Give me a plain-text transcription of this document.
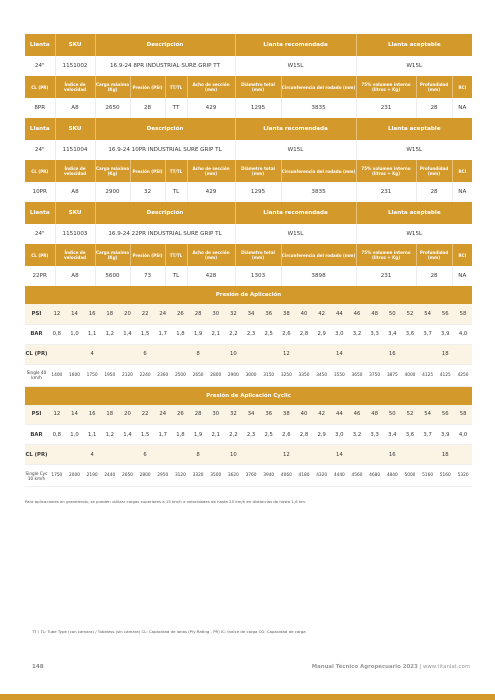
Llanta	SKU	Descripción				Llanta recomendada		Llanta aceptable		
24"	1151002	16.9-24 8PR INDUSTRIAL SURE GRIP TT				W15L		W15L		
CL (PR)	Índice de velocidad	Carga máxima (Kg)	Presión (PSI)	TT/TL	Acho de sección (mm)	Diámetro total (mm)	Circunferencia del rodado (mm)	75% volumen interno (litros + Kg)	Profundidad (mm)	RCI
8PR	A8	2650	28	TT	429	1295	3835	231	28	NA
Llanta	SKU	Descripción				Llanta recomendada		Llanta aceptable		
24"	1151004	16.9-24 10PR INDUSTRIAL SURE GRIP TL				W15L		W15L		
CL (PR)	Índice de velocidad	Carga máxima (Kg)	Presión (PSI)	TT/TL	Acho de sección (mm)	Diámetro total (mm)	Circunferencia del rodado (mm)	75% volumen interno (litros + Kg)	Profundidad (mm)	RCI
10PR	A8	2900	32	TL	429	1295	3835	231	28	NA
Llanta	SKU	Descripción				Llanta recomendada		Llanta aceptable		
24"	1151003	16.9-24 22PR INDUSTRIAL SURE GRIP TL				W15L		W15L		
CL (PR)	Índice de velocidad	Carga máxima (Kg)	Presión (PSI)	TT/TL	Acho de sección (mm)	Diámetro total (mm)	Circunferencia del rodado (mm)	75% volumen interno (litros + Kg)	Profundidad (mm)	RCI
22PR	A8	5600	73	TL	428	1303	3898	231	28	NA
Presión de Aplicación																								
PSI	12	14	16	18	20	22	24	26	28	30	32	34	36	38	40	42	44	46	48	50	52	54	56	58
BAR	0,8	1,0	1,1	1,2	1,4	1,5	1,7	1,8	1,9	2,1	2,2	2,3	2,5	2,6	2,8	2,9	3,0	3,2	3,3	3,4	3,6	3,7	3,9	4,0
CL (PR)			4			6			8		10			12			14			16			18	
Single 40 km/h	1400	1600	1750	1950	2120	2240	2360	2500	2650	2800	2900	3000	3150	3250	3350	3450	3550	3650	3750	3875	4000	4125	4125	4250
Presión de Aplicación Cyclic																								
PSI	12	14	16	18	20	22	24	26	28	30	32	34	36	38	40	42	44	46	48	50	52	54	56	58
BAR	0,8	1,0	1,1	1,2	1,4	1,5	1,7	1,8	1,9	2,1	2,2	2,3	2,5	2,6	2,8	2,9	3,0	3,2	3,3	3,4	3,6	3,7	3,9	4,0
CL (PR)			4			6			8		10			12			14			16			18	
Single Cyc 10 km/h	1750	2000	2190	2440	2650	2800	2950	3120	3320	3500	3620	3760	3940	4060	4180	4320	4440	4560	4680	4840	5000	5160	5160	5320
Para aplicaciones en granelerols, se pueden utilizar cargas superiores a 15 km/h a velocidades de hasta 25 km/h en distancias de hasta 1,6 km.
TT / TL: Tube Type (con cámara) / Tubeless (sin cámara) CL: Capacidad de lonas (Ply Rating - PR) IC: Índice de carga CG: Capacidad de carga
148	Manual Técnico Agropecuario 2023 | www.titanlat.com
